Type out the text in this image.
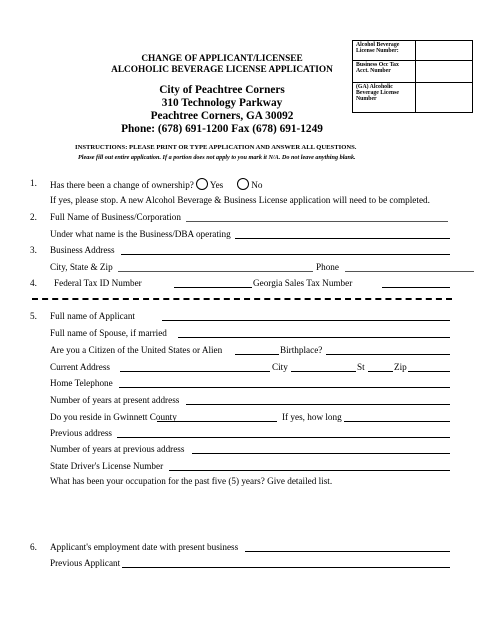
CHANGE OF APPLICANT/LICENSEE
ALCOHOLIC BEVERAGE LICENSE APPLICATION
City of Peachtree Corners
310 Technology Parkway
Peachtree Corners, GA 30092
Phone: (678) 691-1200 Fax (678) 691-1249
Alcohol Beverage License Number:	
Business Occ Tax Acct. Number	
(GA) Alcoholic Beverage License Number	
INSTRUCTIONS: PLEASE PRINT OR TYPE APPLICATION AND ANSWER ALL QUESTIONS.
Please fill out entire application. If a portion does not apply to you mark it N/A. Do not leave anything blank.
1. Has there been a change of ownership? Yes	No
If yes, please stop. A new Alcohol Beverage & Business License application will need to be completed.
2. Full Name of Business/Corporation
Under what name is the Business/DBA operating
3. Business Address
City, State & Zip	Phone
4. Federal Tax ID Number	Georgia Sales Tax Number
5. Full name of Applicant
Full name of Spouse, if married
Are you a Citizen of the United States or Alien	Birthplace?
Current Address	City	St	Zip
Home Telephone
Number of years at present address
Do you reside in Gwinnett County	If yes, how long
Previous address
Number of years at previous address
State Driver's License Number
What has been your occupation for the past five (5) years? Give detailed list.
6. Applicant's employment date with present business
Previous Applicant
